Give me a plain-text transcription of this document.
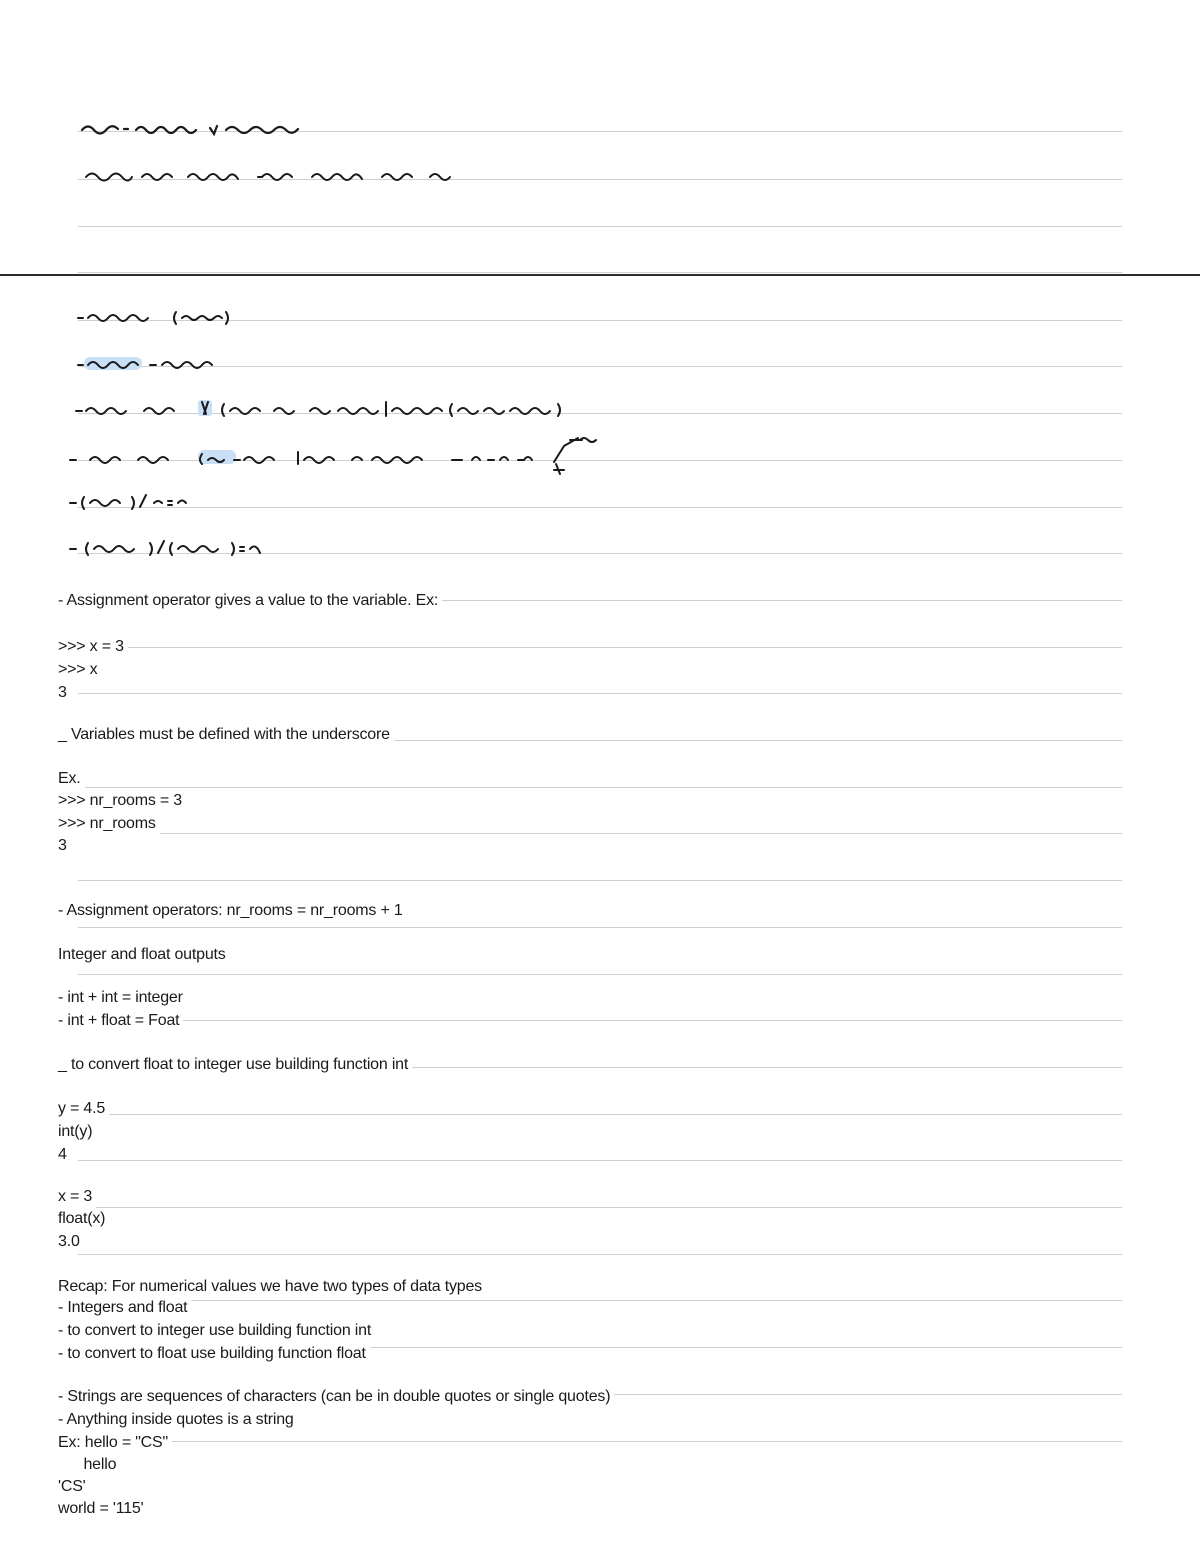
- Assignment operator gives a value to the variable. Ex:
>>> x = 3
>>> x
3
_ Variables must be defined with the underscore
Ex.
>>> nr_rooms = 3
>>> nr_rooms
3
- Assignment operators: nr_rooms = nr_rooms + 1
Integer and float outputs
- int + int = integer
- int + float = Foat
_ to convert float to integer use building function int
y = 4.5
int(y)
4
x = 3
float(x)
3.0
Recap: For numerical values we have two types of data types
- Integers and float
- to convert to integer use building function int
- to convert to float use building function float
- Strings are sequences of characters (can be in double quotes or single quotes)
- Anything inside quotes is a string
Ex: hello = "CS"
hello
'CS'
world = '115'
